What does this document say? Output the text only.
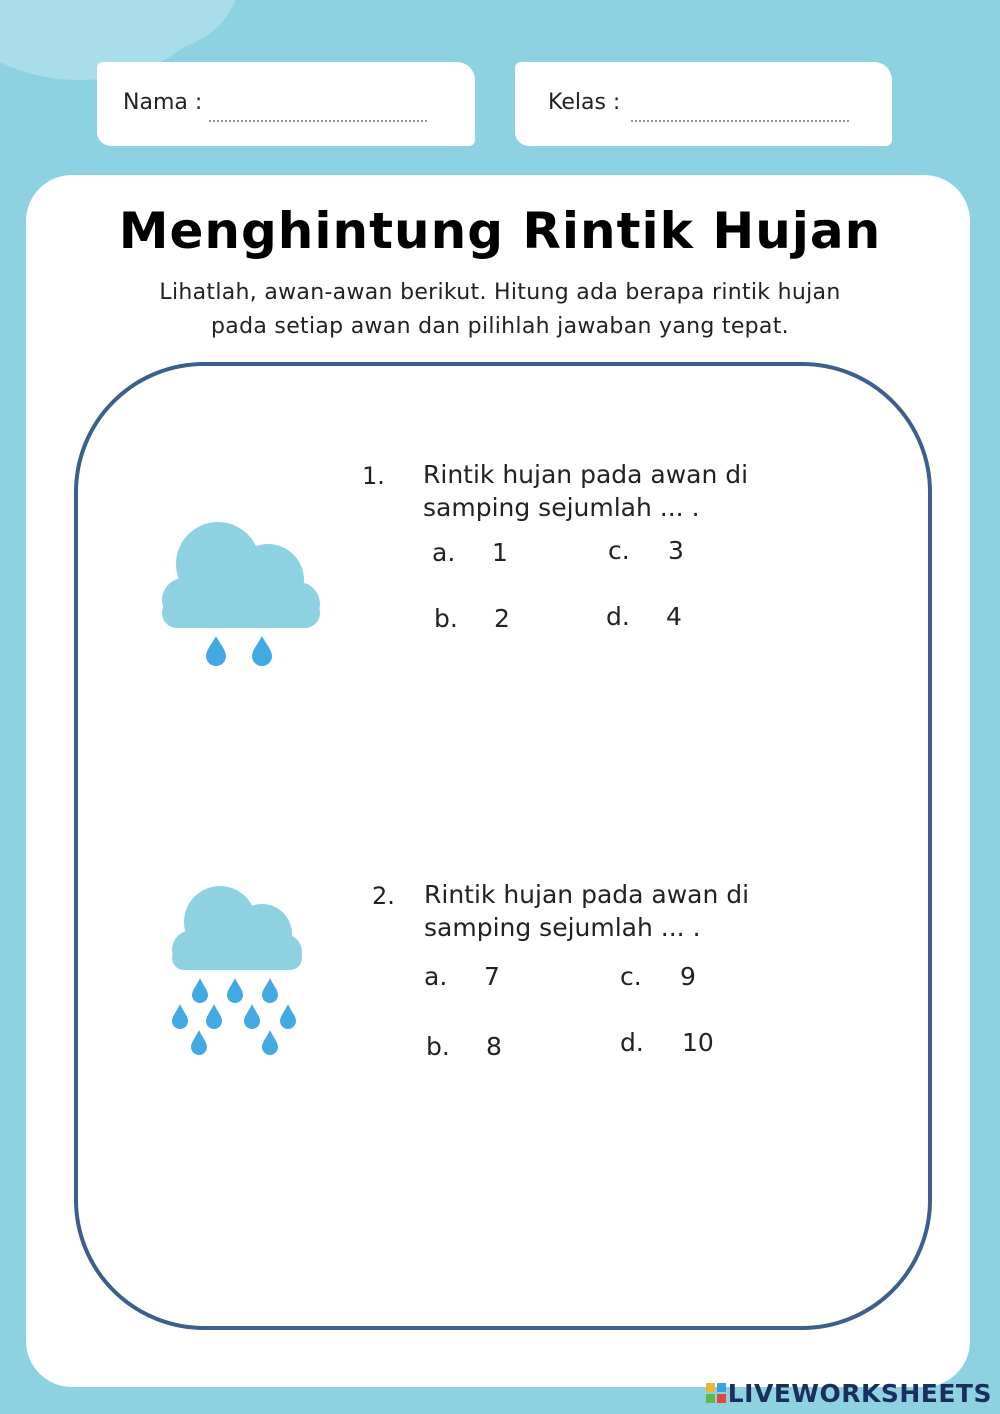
Nama :	Kelas :
Menghintung Rintik Hujan
Lihatlah, awan-awan berikut. Hitung ada berapa rintik hujan
pada setiap awan dan pilihlah jawaban yang tepat.
1. Rintik hujan pada awan di
samping sejumlah ... .
a. 1	c. 3
b. 2	d. 4
2. Rintik hujan pada awan di
samping sejumlah ... .
a. 7	c. 9
b. 8	d. 10
LIVEWORKSHEETS
